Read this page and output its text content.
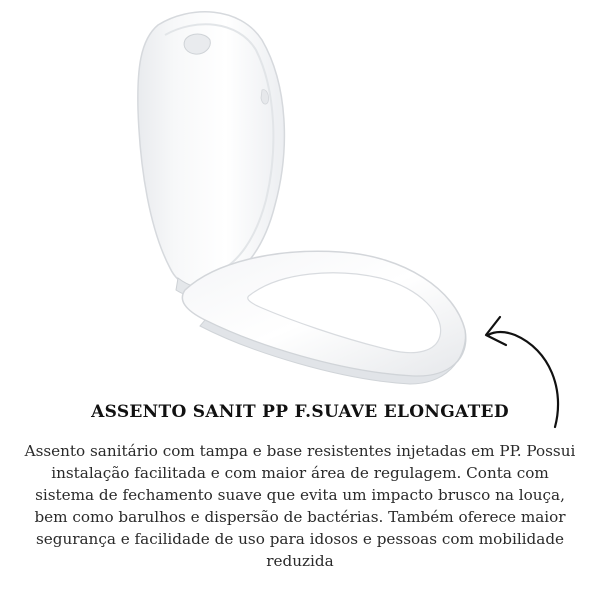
ASSENTO SANIT PP F.SUAVE ELONGATED

Assento sanitário com tampa e base resistentes injetadas em PP. Possui instalação facilitada e com maior área de regulagem. Conta com sistema de fechamento suave que evita um impacto brusco na louça, bem como barulhos e dispersão de bactérias. Também oferece maior segurança e facilidade de uso para idosos e pessoas com mobilidade reduzida
